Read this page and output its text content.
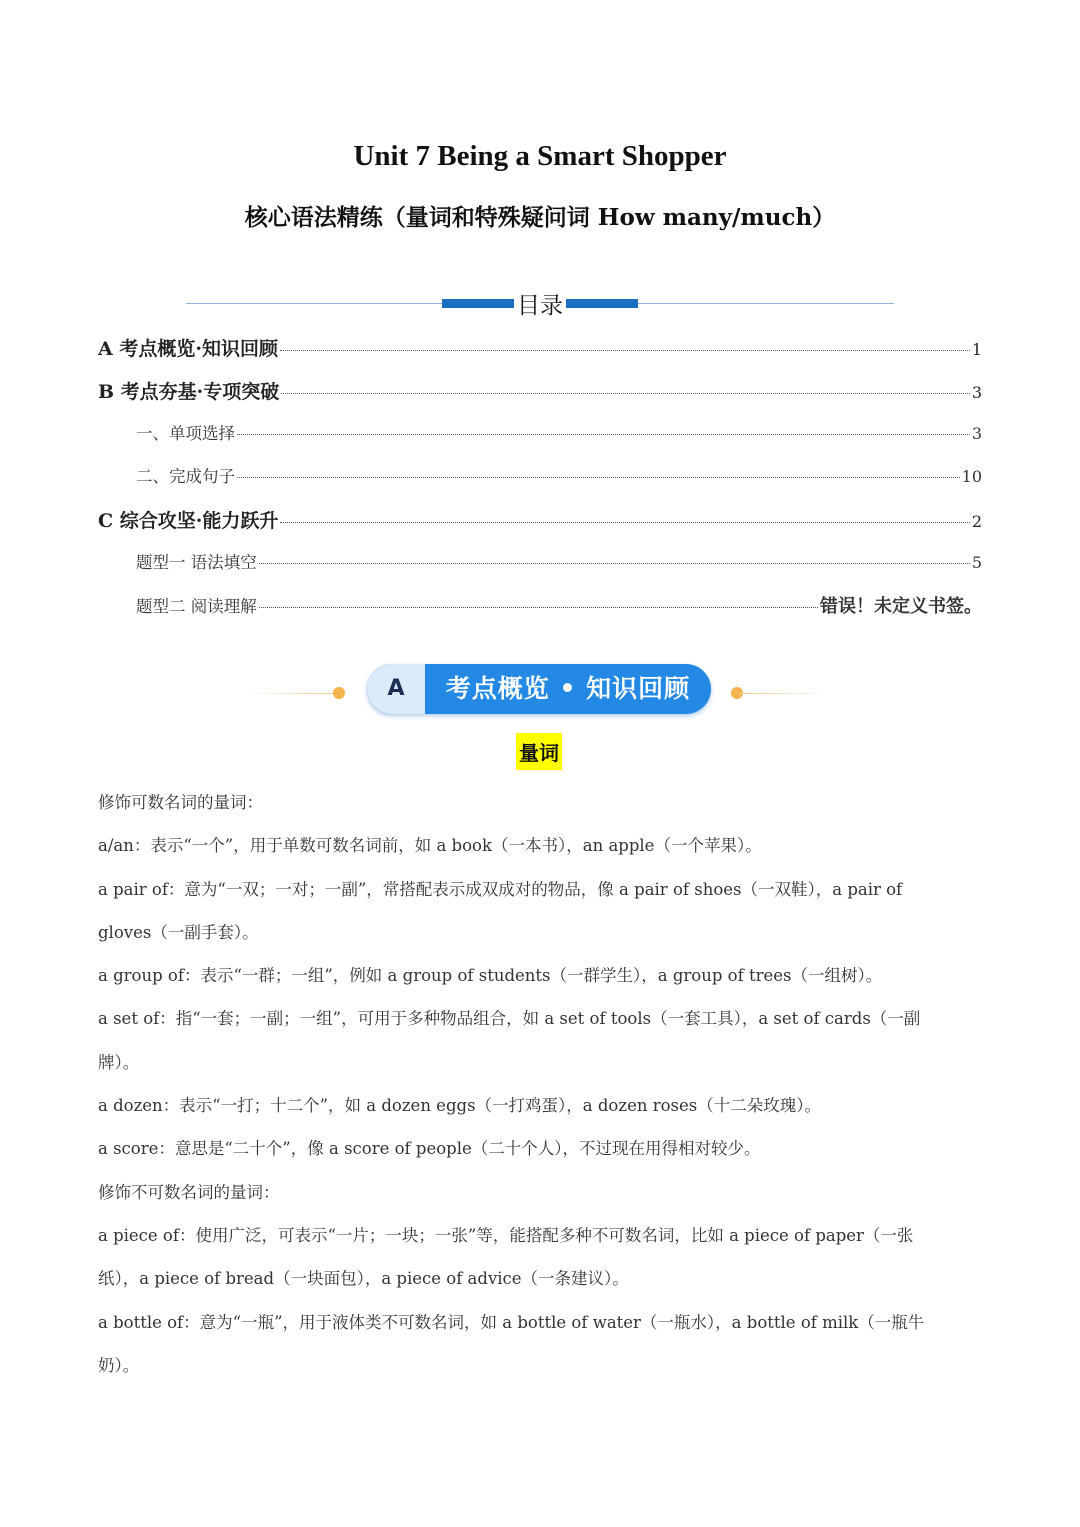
Unit 7 Being a Smart Shopper
核心语法精练（量词和特殊疑问词 How many/much）
目录
A 考点概览·知识回顾	1
B 考点夯基·专项突破	3
一、单项选择	3
二、完成句子	10
C 综合攻坚·能力跃升	2
题型一 语法填空	5
题型二 阅读理解	错误！未定义书签。
A	考点概览 • 知识回顾
量词

修饰可数名词的量词：

a/an：表示“一个”，用于单数可数名词前，如 a book（一本书），an apple（一个苹果）。

a pair of：意为“一双；一对；一副”，常搭配表示成双成对的物品，像 a pair of shoes（一双鞋），a pair of

gloves（一副手套）。

a group of：表示“一群；一组”，例如 a group of students（一群学生），a group of trees（一组树）。

a set of：指“一套；一副；一组”，可用于多种物品组合，如 a set of tools（一套工具），a set of cards（一副

牌）。

a dozen：表示“一打；十二个”，如 a dozen eggs（一打鸡蛋），a dozen roses（十二朵玫瑰）。

a score：意思是“二十个”，像 a score of people（二十个人），不过现在用得相对较少。

修饰不可数名词的量词：

a piece of：使用广泛，可表示“一片；一块；一张”等，能搭配多种不可数名词，比如 a piece of paper（一张

纸），a piece of bread（一块面包），a piece of advice（一条建议）。

a bottle of：意为“一瓶”，用于液体类不可数名词，如 a bottle of water（一瓶水），a bottle of milk（一瓶牛

奶）。
